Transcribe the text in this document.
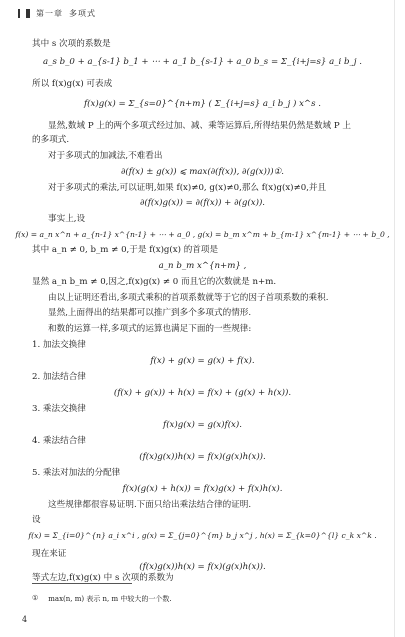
第一章 多项式
其中 s 次项的系数是
a_s b_0 + a_{s-1} b_1 + ⋯ + a_1 b_{s-1} + a_0 b_s = Σ_{i+j=s} a_i b_j .
所以 f(x)g(x) 可表成
f(x)g(x) = Σ_{s=0}^{n+m} ( Σ_{i+j=s} a_i b_j ) x^s .
显然,数域 P 上的两个多项式经过加、减、乘等运算后,所得结果仍然是数域 P 上
的多项式.
对于多项式的加减法,不难看出
∂(f(x) ± g(x)) ⩽ max(∂(f(x)), ∂(g(x)))①.
对于多项式的乘法,可以证明,如果 f(x)≠0, g(x)≠0,那么 f(x)g(x)≠0,并且
∂(f(x)g(x)) = ∂(f(x)) + ∂(g(x)).
事实上,设
f(x) = a_n x^n + a_{n-1} x^{n-1} + ⋯ + a_0 , g(x) = b_m x^m + b_{m-1} x^{m-1} + ⋯ + b_0 ,
其中 a_n ≠ 0, b_m ≠ 0,于是 f(x)g(x) 的首项是
a_n b_m x^{n+m} ,
显然 a_n b_m ≠ 0,因之,f(x)g(x) ≠ 0 而且它的次数就是 n+m.
由以上证明还看出,多项式乘积的首项系数就等于它的因子首项系数的乘积.
显然,上面得出的结果都可以推广到多个多项式的情形.
和数的运算一样,多项式的运算也满足下面的一些规律:
1. 加法交换律
f(x) + g(x) = g(x) + f(x).
2. 加法结合律
(f(x) + g(x)) + h(x) = f(x) + (g(x) + h(x)).
3. 乘法交换律
f(x)g(x) = g(x)f(x).
4. 乘法结合律
(f(x)g(x))h(x) = f(x)(g(x)h(x)).
5. 乘法对加法的分配律
f(x)(g(x) + h(x)) = f(x)g(x) + f(x)h(x).
这些规律都很容易证明.下面只给出乘法结合律的证明.
设
f(x) = Σ_{i=0}^{n} a_i x^i , g(x) = Σ_{j=0}^{m} b_j x^j , h(x) = Σ_{k=0}^{l} c_k x^k .
现在来证
(f(x)g(x))h(x) = f(x)(g(x)h(x)).
等式左边,f(x)g(x) 中 s 次项的系数为
① max(n, m) 表示 n, m 中较大的一个数.
4
